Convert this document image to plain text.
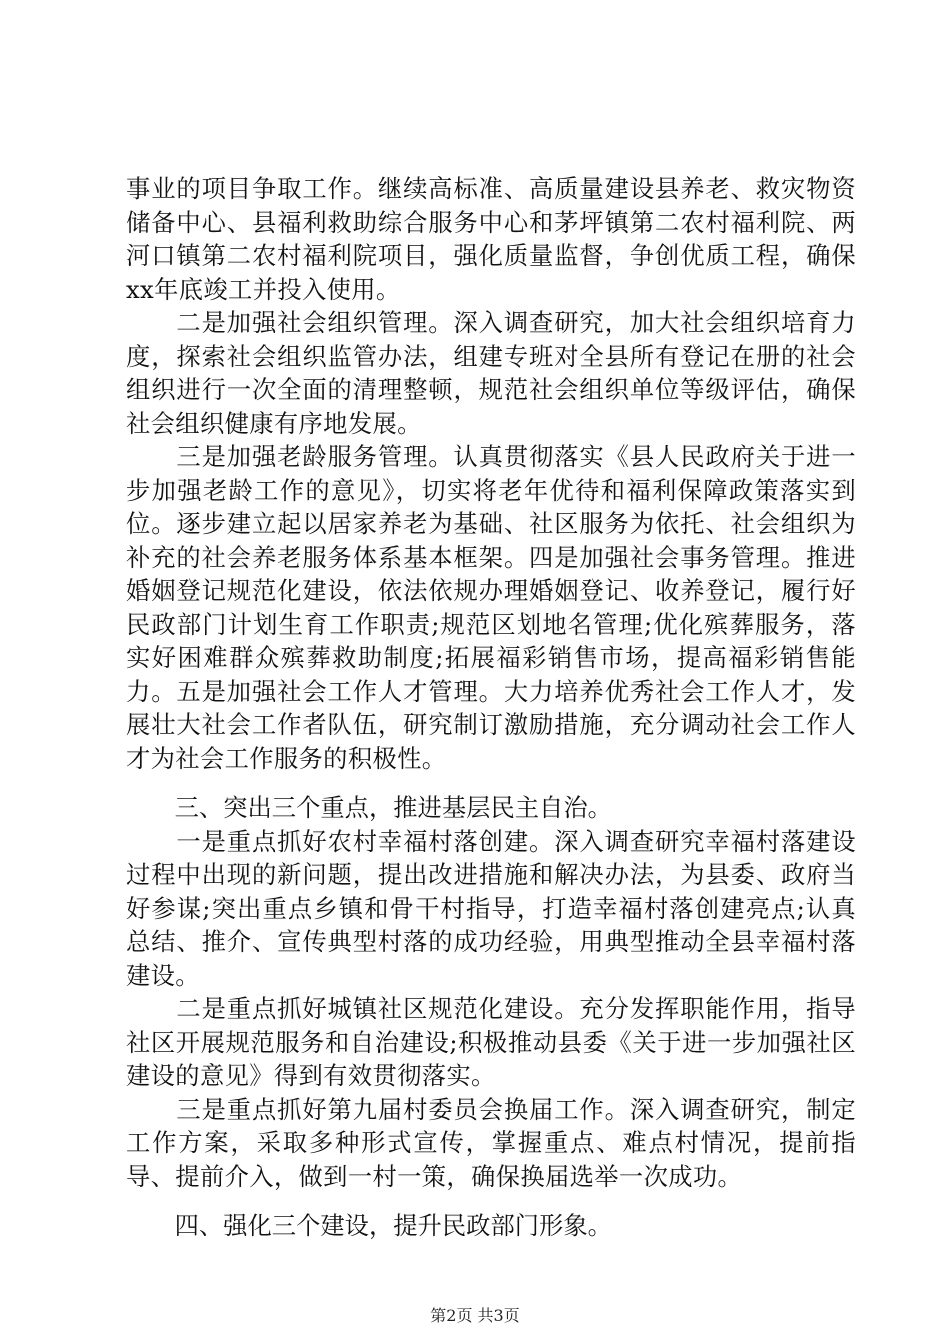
事业的项目争取工作。继续高标准、高质量建设县养老、救灾物资储备中心、县福利救助综合服务中心和茅坪镇第二农村福利院、两河口镇第二农村福利院项目，强化质量监督，争创优质工程，确保xx年底竣工并投入使用。

　　二是加强社会组织管理。深入调查研究，加大社会组织培育力度，探索社会组织监管办法，组建专班对全县所有登记在册的社会组织进行一次全面的清理整顿，规范社会组织单位等级评估，确保社会组织健康有序地发展。

　　三是加强老龄服务管理。认真贯彻落实《县人民政府关于进一步加强老龄工作的意见》，切实将老年优待和福利保障政策落实到位。逐步建立起以居家养老为基础、社区服务为依托、社会组织为补充的社会养老服务体系基本框架。四是加强社会事务管理。推进婚姻登记规范化建设，依法依规办理婚姻登记、收养登记，履行好民政部门计划生育工作职责;规范区划地名管理;优化殡葬服务，落实好困难群众殡葬救助制度;拓展福彩销售市场，提高福彩销售能力。五是加强社会工作人才管理。大力培养优秀社会工作人才，发展壮大社会工作者队伍，研究制订激励措施，充分调动社会工作人才为社会工作服务的积极性。

　　三、突出三个重点，推进基层民主自治。

　　一是重点抓好农村幸福村落创建。深入调查研究幸福村落建设过程中出现的新问题，提出改进措施和解决办法，为县委、政府当好参谋;突出重点乡镇和骨干村指导，打造幸福村落创建亮点;认真总结、推介、宣传典型村落的成功经验，用典型推动全县幸福村落建设。

　　二是重点抓好城镇社区规范化建设。充分发挥职能作用，指导社区开展规范服务和自治建设;积极推动县委《关于进一步加强社区建设的意见》得到有效贯彻落实。

　　三是重点抓好第九届村委员会换届工作。深入调查研究，制定工作方案，采取多种形式宣传，掌握重点、难点村情况，提前指导、提前介入，做到一村一策，确保换届选举一次成功。

　　四、强化三个建设，提升民政部门形象。

第2页 共3页
